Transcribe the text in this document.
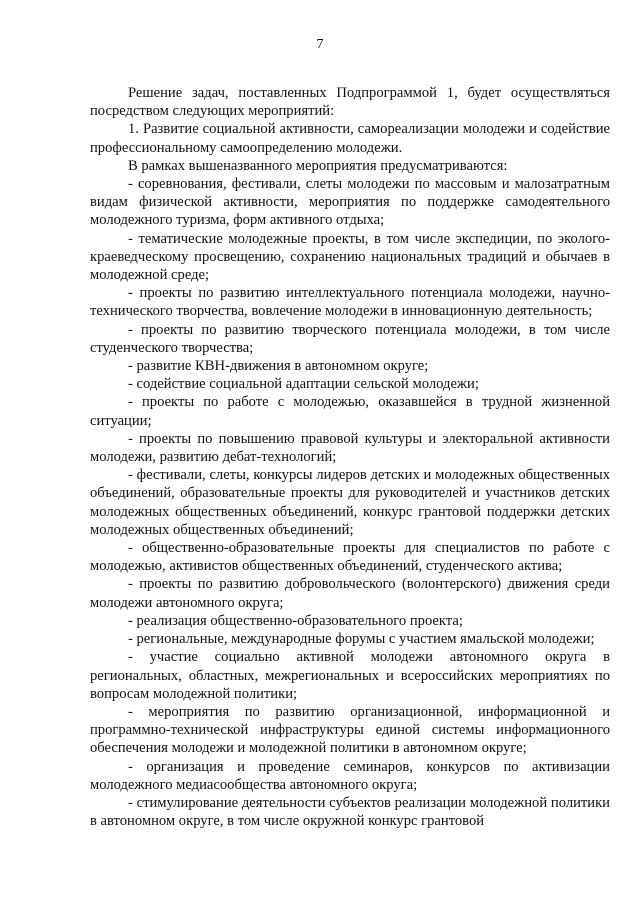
7

Решение задач, поставленных Подпрограммой 1, будет осуществляться посредством следующих мероприятий:

1. Развитие социальной активности, самореализации молодежи и содействие профессиональному самоопределению молодежи.

В рамках вышеназванного мероприятия предусматриваются:

- соревнования, фестивали, слеты молодежи по массовым и малозатратным видам физической активности, мероприятия по поддержке самодеятельного молодежного туризма, форм активного отдыха;

- тематические молодежные проекты, в том числе экспедиции, по эколого-краеведческому просвещению, сохранению национальных традиций и обычаев в молодежной среде;

- проекты по развитию интеллектуального потенциала молодежи, научно-технического творчества, вовлечение молодежи в инновационную деятельность;

- проекты по развитию творческого потенциала молодежи, в том числе студенческого творчества;

- развитие КВН-движения в автономном округе;

- содействие социальной адаптации сельской молодежи;

- проекты по работе с молодежью, оказавшейся в трудной жизненной ситуации;

- проекты по повышению правовой культуры и электоральной активности молодежи, развитию дебат-технологий;

- фестивали, слеты, конкурсы лидеров детских и молодежных общественных объединений, образовательные проекты для руководителей и участников детских молодежных общественных объединений, конкурс грантовой поддержки детских молодежных общественных объединений;

- общественно-образовательные проекты для специалистов по работе с молодежью, активистов общественных объединений, студенческого актива;

- проекты по развитию добровольческого (волонтерского) движения среди молодежи автономного округа;

- реализация общественно-образовательного проекта;

- региональные, международные форумы с участием ямальской молодежи;

- участие социально активной молодежи автономного округа в региональных, областных, межрегиональных и всероссийских мероприятиях по вопросам молодежной политики;

- мероприятия по развитию организационной, информационной и программно-технической инфраструктуры единой системы информационного обеспечения молодежи и молодежной политики в автономном округе;

- организация и проведение семинаров, конкурсов по активизации молодежного медиасообщества автономного округа;

- стимулирование деятельности субъектов реализации молодежной политики в автономном округе, в том числе окружной конкурс грантовой
